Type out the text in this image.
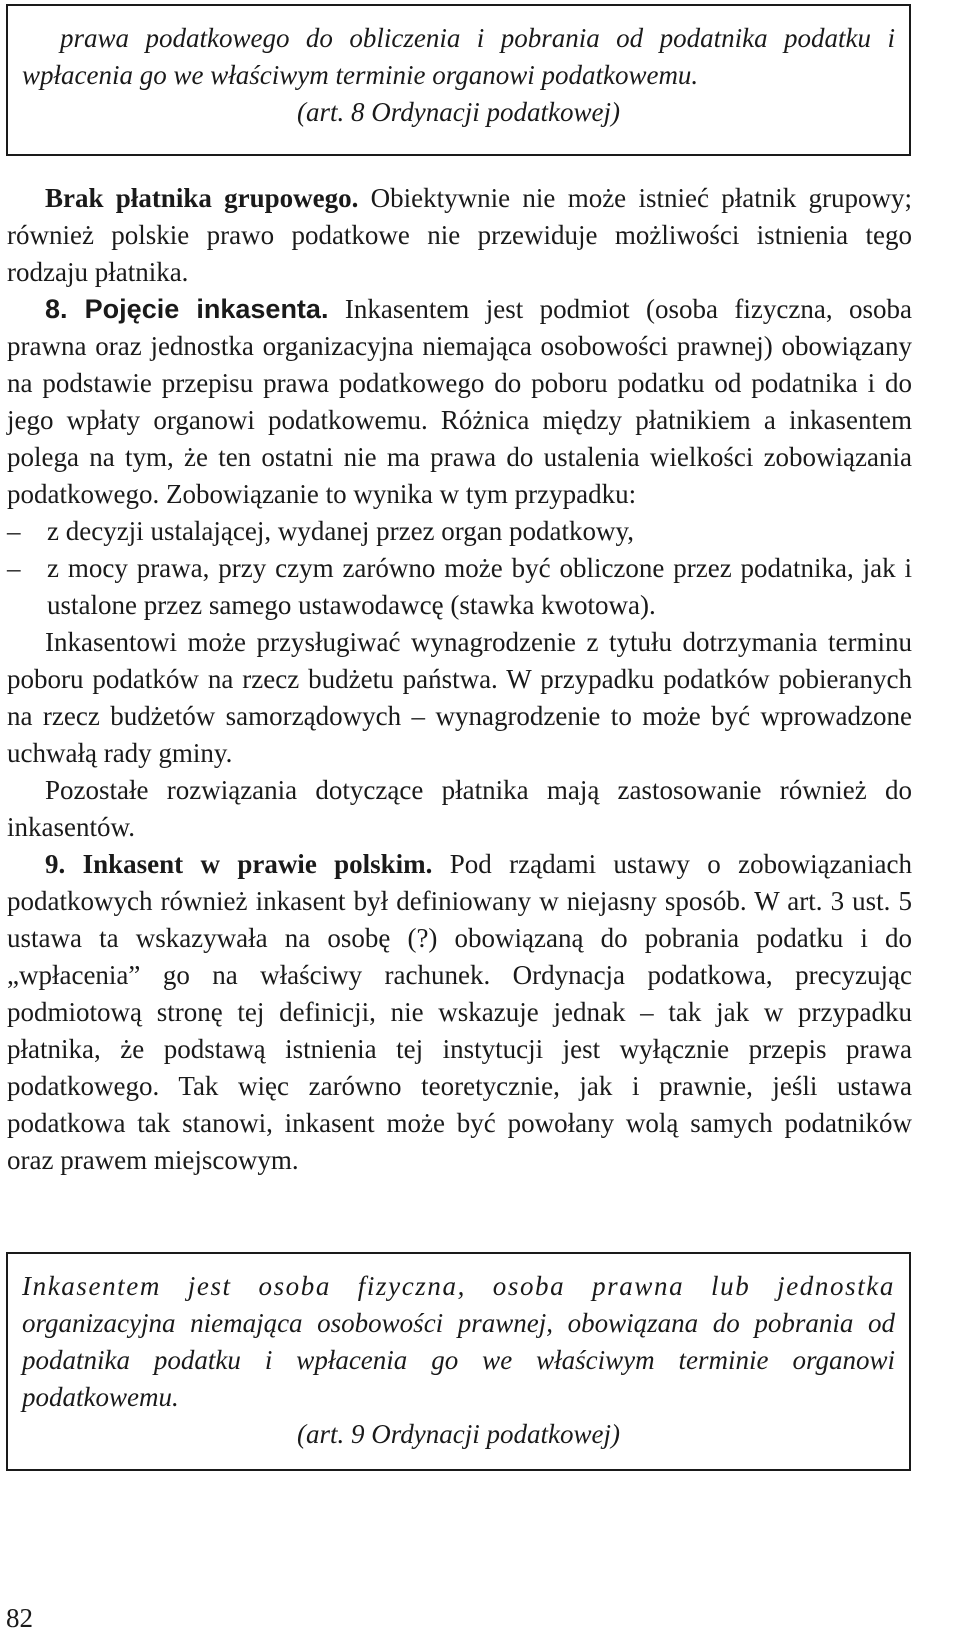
prawa podatkowego do obliczenia i pobrania od podatnika podatku i wpłacenia go we właściwym terminie organowi podatkowemu.
(art. 8 Ordynacji podatkowej)

Brak płatnika grupowego. Obiektywnie nie może istnieć płatnik grupowy; również polskie prawo podatkowe nie przewiduje możliwości istnienia tego rodzaju płatnika.

8. Pojęcie inkasenta. Inkasentem jest podmiot (osoba fizyczna, osoba prawna oraz jednostka organizacyjna niemająca osobowości prawnej) obowiązany na podstawie przepisu prawa podatkowego do poboru podatku od podatnika i do jego wpłaty organowi podatkowemu. Różnica między płatnikiem a inkasentem polega na tym, że ten ostatni nie ma prawa do ustalenia wielkości zobowiązania podatkowego. Zobowiązanie to wynika w tym przypadku:

– z decyzji ustalającej, wydanej przez organ podatkowy,

– z mocy prawa, przy czym zarówno może być obliczone przez podatnika, jak i ustalone przez samego ustawodawcę (stawka kwotowa).

Inkasentowi może przysługiwać wynagrodzenie z tytułu dotrzymania terminu poboru podatków na rzecz budżetu państwa. W przypadku podatków pobieranych na rzecz budżetów samorządowych – wynagrodzenie to może być wprowadzone uchwałą rady gminy.

Pozostałe rozwiązania dotyczące płatnika mają zastosowanie również do inkasentów.

9. Inkasent w prawie polskim. Pod rządami ustawy o zobowiązaniach podatkowych również inkasent był definiowany w niejasny sposób. W art. 3 ust. 5 ustawa ta wskazywała na osobę (?) obowiązaną do pobrania podatku i do „wpłacenia” go na właściwy rachunek. Ordynacja podatkowa, precyzując podmiotową stronę tej definicji, nie wskazuje jednak – tak jak w przypadku płatnika, że podstawą istnienia tej instytucji jest wyłącznie przepis prawa podatkowego. Tak więc zarówno teoretycznie, jak i prawnie, jeśli ustawa podatkowa tak stanowi, inkasent może być powołany wolą samych podatników oraz prawem miejscowym.

Inkasentem jest osoba fizyczna, osoba prawna lub jednostka organizacyjna niemająca osobowości prawnej, obowiązana do pobrania od podatnika podatku i wpłacenia go we właściwym terminie organowi podatkowemu.
(art. 9 Ordynacji podatkowej)
82
